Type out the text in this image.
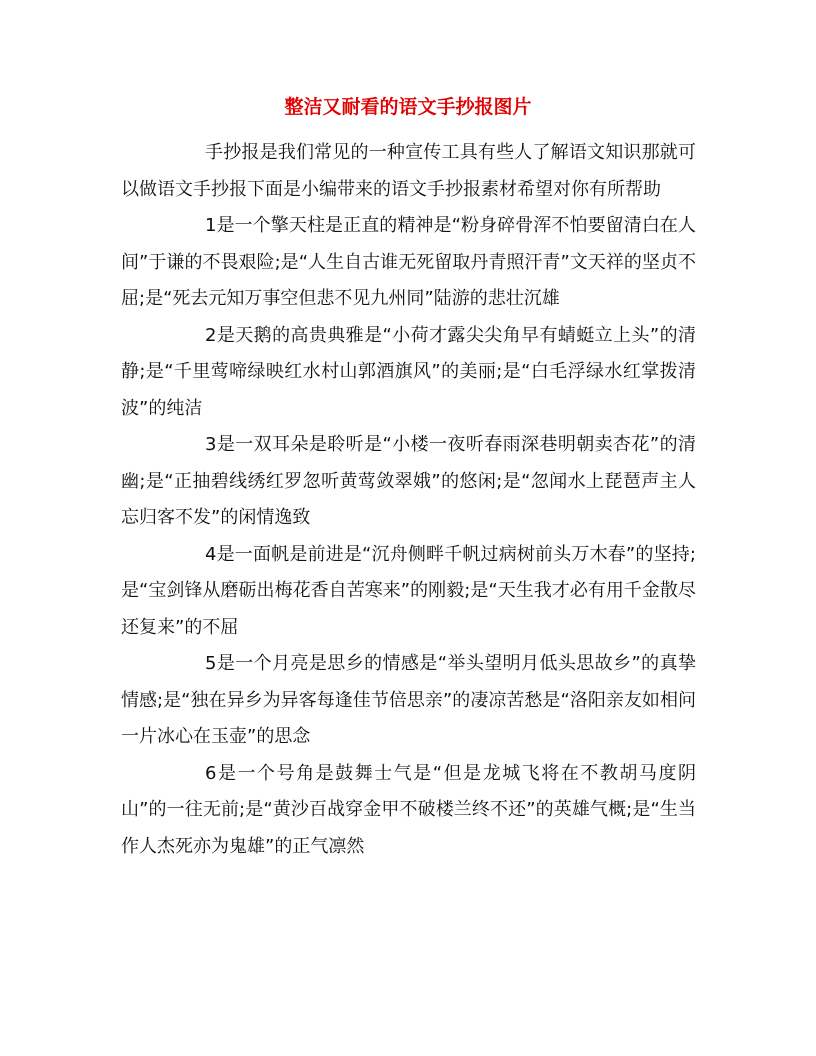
整洁又耐看的语文手抄报图片

手抄报是我们常见的一种宣传工具有些人了解语文知识那就可以做语文手抄报下面是小编带来的语文手抄报素材希望对你有所帮助

1是一个擎天柱是正直的精神是“粉身碎骨浑不怕要留清白在人间”于谦的不畏艰险;是“人生自古谁无死留取丹青照汗青”文天祥的坚贞不屈;是“死去元知万事空但悲不见九州同”陆游的悲壮沉雄

2是天鹅的高贵典雅是“小荷才露尖尖角早有蜻蜓立上头”的清静;是“千里莺啼绿映红水村山郭酒旗风”的美丽;是“白毛浮绿水红掌拨清波”的纯洁

3是一双耳朵是聆听是“小楼一夜听春雨深巷明朝卖杏花”的清幽;是“正抽碧线绣红罗忽听黄莺敛翠娥”的悠闲;是“忽闻水上琵琶声主人忘归客不发”的闲情逸致

4是一面帆是前进是“沉舟侧畔千帆过病树前头万木春”的坚持;是“宝剑锋从磨砺出梅花香自苦寒来”的刚毅;是“天生我才必有用千金散尽还复来”的不屈

5是一个月亮是思乡的情感是“举头望明月低头思故乡”的真挚情感;是“独在异乡为异客每逢佳节倍思亲”的凄凉苦愁是“洛阳亲友如相问一片冰心在玉壶”的思念

6是一个号角是鼓舞士气是“但是龙城飞将在不教胡马度阴山”的一往无前;是“黄沙百战穿金甲不破楼兰终不还”的英雄气概;是“生当作人杰死亦为鬼雄”的正气凛然
